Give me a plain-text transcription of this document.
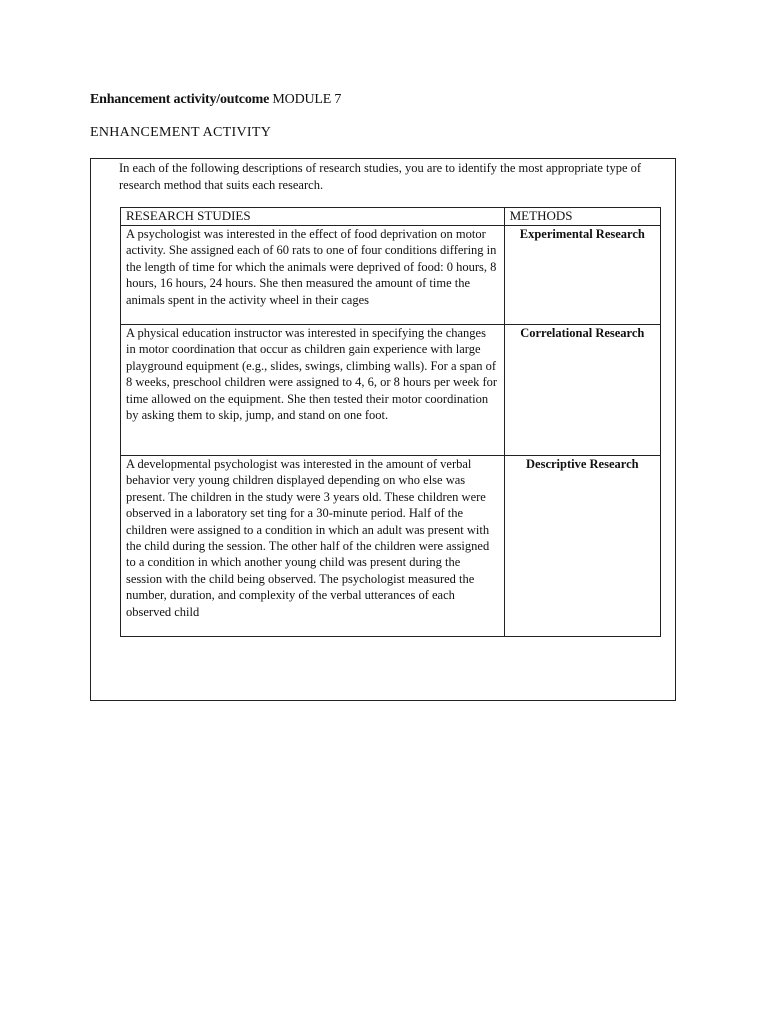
Enhancement activity/outcome MODULE 7
ENHANCEMENT ACTIVITY
In each of the following descriptions of research studies, you are to identify the most appropriate type of research method that suits each research.
RESEARCH STUDIES	METHODS
A psychologist was interested in the effect of food deprivation on motor activity. She assigned each of 60 rats to one of four conditions differing in the length of time for which the animals were deprived of food: 0 hours, 8 hours, 16 hours, 24 hours. She then measured the amount of time the animals spent in the activity wheel in their cages	Experimental Research
A physical education instructor was interested in specifying the changes in motor coordination that occur as children gain experience with large playground equipment (e.g., slides, swings, climbing walls). For a span of 8 weeks, preschool children were assigned to 4, 6, or 8 hours per week for time allowed on the equipment. She then tested their motor coordination by asking them to skip, jump, and stand on one foot.	Correlational Research
A developmental psychologist was interested in the amount of verbal behavior very young children displayed depending on who else was present. The children in the study were 3 years old. These children were observed in a laboratory set ting for a 30-minute period. Half of the children were assigned to a condition in which an adult was present with the child during the session. The other half of the children were assigned to a condition in which another young child was present during the session with the child being observed. The psychologist measured the number, duration, and complexity of the verbal utterances of each observed child	Descriptive Research
